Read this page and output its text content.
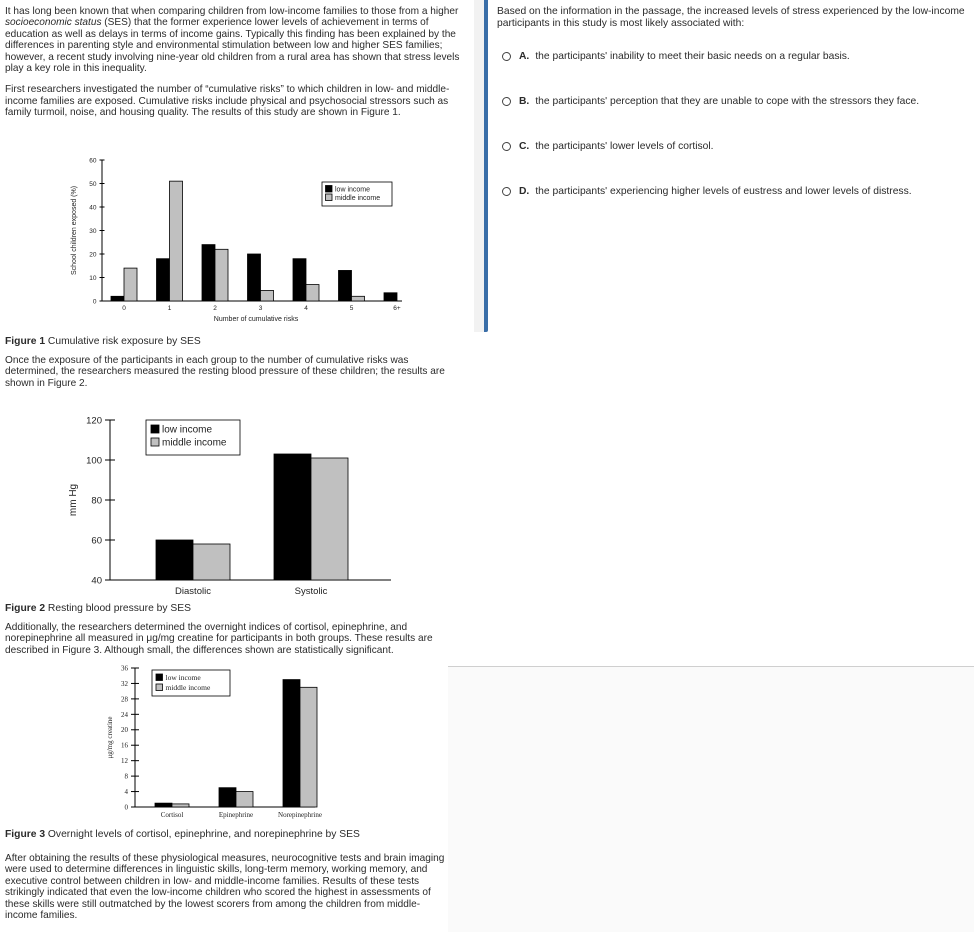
It has long been known that when comparing children from low-income families to those from a higher socioeconomic status (SES) that the former experience lower levels of achievement in terms of education as well as delays in terms of income gains. Typically this finding has been explained by the differences in parenting style and environmental stimulation between low and higher SES families; however, a recent study involving nine-year old children from a rural area has shown that stress levels play a key role in this inequality.

First researchers investigated the number of “cumulative risks” to which children in low- and middle-income families are exposed. Cumulative risks include physical and psychosocial stressors such as family turmoil, noise, and housing quality. The results of this study are shown in Figure 1.

0
10
20
30
40
50
60
School children exposed (%)
0	1	2	3	4	5	6+
Number of cumulative risks
low income
middle income

Figure 1 Cumulative risk exposure by SES

Once the exposure of the participants in each group to the number of cumulative risks was determined, the researchers measured the resting blood pressure of these children; the results are shown in Figure 2.

40
60
80
100
120
mm Hg
Diastolic	Systolic
low income
middle income

Figure 2 Resting blood pressure by SES

Additionally, the researchers determined the overnight indices of cortisol, epinephrine, and norepinephrine all measured in μg/mg creatine for participants in both groups. These results are described in Figure 3. Although small, the differences shown are statistically significant.

0
4
8
12
16
20
24
28
32
36
μg/mg creatine
Cortisol	Epinephrine	Norepinephrine
low income
middle income

Figure 3 Overnight levels of cortisol, epinephrine, and norepinephrine by SES

After obtaining the results of these physiological measures, neurocognitive tests and brain imaging were used to determine differences in linguistic skills, long-term memory, working memory, and executive control between children in low- and middle-income families. Results of these tests strikingly indicated that even the low-income children who scored the highest in assessments of these skills were still outmatched by the lowest scorers from among the children from middle-income families.

Based on the information in the passage, the increased levels of stress experienced by the low-income participants in this study is most likely associated with:

A. the participants' inability to meet their basic needs on a regular basis.
B. the participants' perception that they are unable to cope with the stressors they face.
C. the participants' lower levels of cortisol.
D. the participants' experiencing higher levels of eustress and lower levels of distress.
